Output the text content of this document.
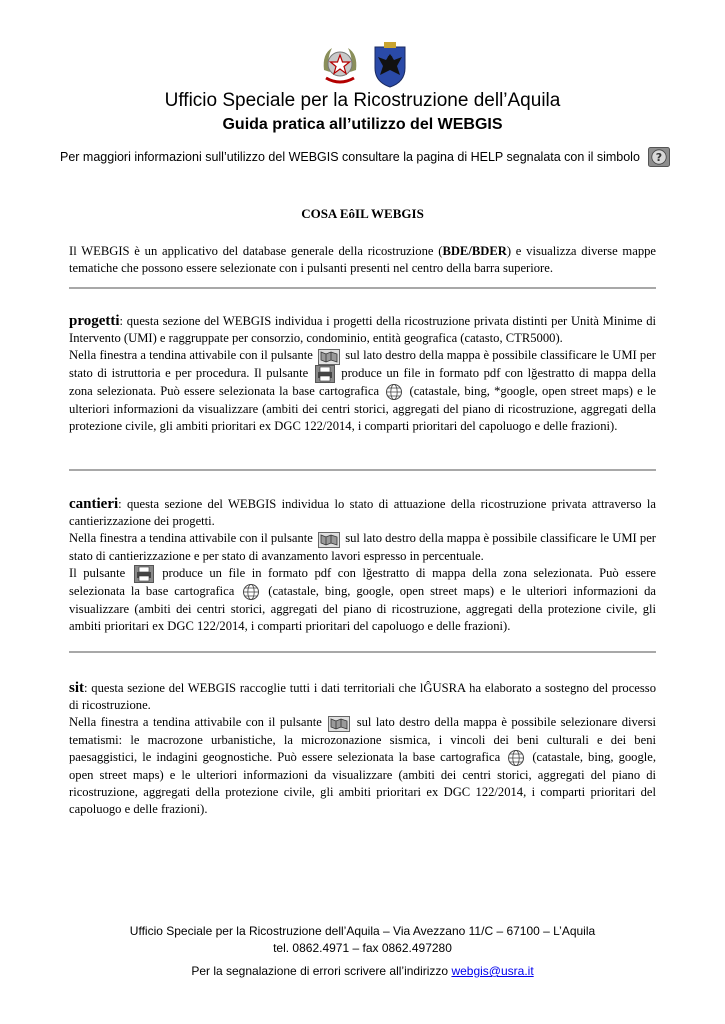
Ufficio Speciale per la Ricostruzione dell’Aquila
Guida pratica all’utilizzo del WEBGIS
Per maggiori informazioni sull’utilizzo del WEBGIS consultare la pagina di HELP segnalata con il simbolo	?
COSA EôIL WEBGIS

Il WEBGIS è un applicativo del database generale della ricostruzione (BDE/BDER) e visualizza diverse mappe tematiche che possono essere selezionate con i pulsanti presenti nel centro della barra superiore.

progetti: questa sezione del WEBGIS individua i progetti della ricostruzione privata distinti per Unità Minime di Intervento (UMI) e raggruppate per consorzio, condominio, entità geografica (catasto, CTR5000).

Nella finestra a tendina attivabile con il pulsante	sul lato destro della mappa è possibile classificare le UMI per stato di istruttoria e per procedura. Il pulsante	produce un file in formato pdf con lğestratto di mappa della zona selezionata. Può essere selezionata la base cartografica (catastale, bing, *google, open street maps) e le ulteriori informazioni da visualizzare (ambiti dei centri storici, aggregati del piano di ricostruzione, aggregati della protezione civile, gli ambiti prioritari ex DGC 122/2014, i comparti prioritari del capoluogo e delle frazioni).

cantieri: questa sezione del WEBGIS individua lo stato di attuazione della ricostruzione privata attraverso la cantierizzazione dei progetti.

Nella finestra a tendina attivabile con il pulsante	sul lato destro della mappa è possibile classificare le UMI per stato di cantierizzazione e per stato di avanzamento lavori espresso in percentuale.

Il pulsante	produce un file in formato pdf con lğestratto di mappa della zona selezionata. Può essere selezionata la base cartografica	(catastale, bing, google, open street maps) e le ulteriori informazioni da visualizzare (ambiti dei centri storici, aggregati del piano di ricostruzione, aggregati della protezione civile, gli ambiti prioritari ex DGC 122/2014, i comparti prioritari del capoluogo e delle frazioni).

sit: questa sezione del WEBGIS raccoglie tutti i dati territoriali che lĜUSRA ha elaborato a sostegno del processo di ricostruzione.

Nella finestra a tendina attivabile con il pulsante	sul lato destro della mappa è possibile selezionare diversi tematismi: le macrozone urbanistiche, la microzonazione sismica, i vincoli dei beni culturali e dei beni paesaggistici, le indagini geognostiche. Può essere selezionata la base cartografica	(catastale, bing, google, open street maps) e le ulteriori informazioni da visualizzare (ambiti dei centri storici, aggregati del piano di ricostruzione, aggregati della protezione civile, gli ambiti prioritari ex DGC 122/2014, i comparti prioritari del capoluogo e delle frazioni).

Ufficio Speciale per la Ricostruzione dell’Aquila – Via Avezzano 11/C – 67100 – L’Aquila
tel. 0862.4971 – fax 0862.497280
Per la segnalazione di errori scrivere all’indirizzo webgis@usra.it
